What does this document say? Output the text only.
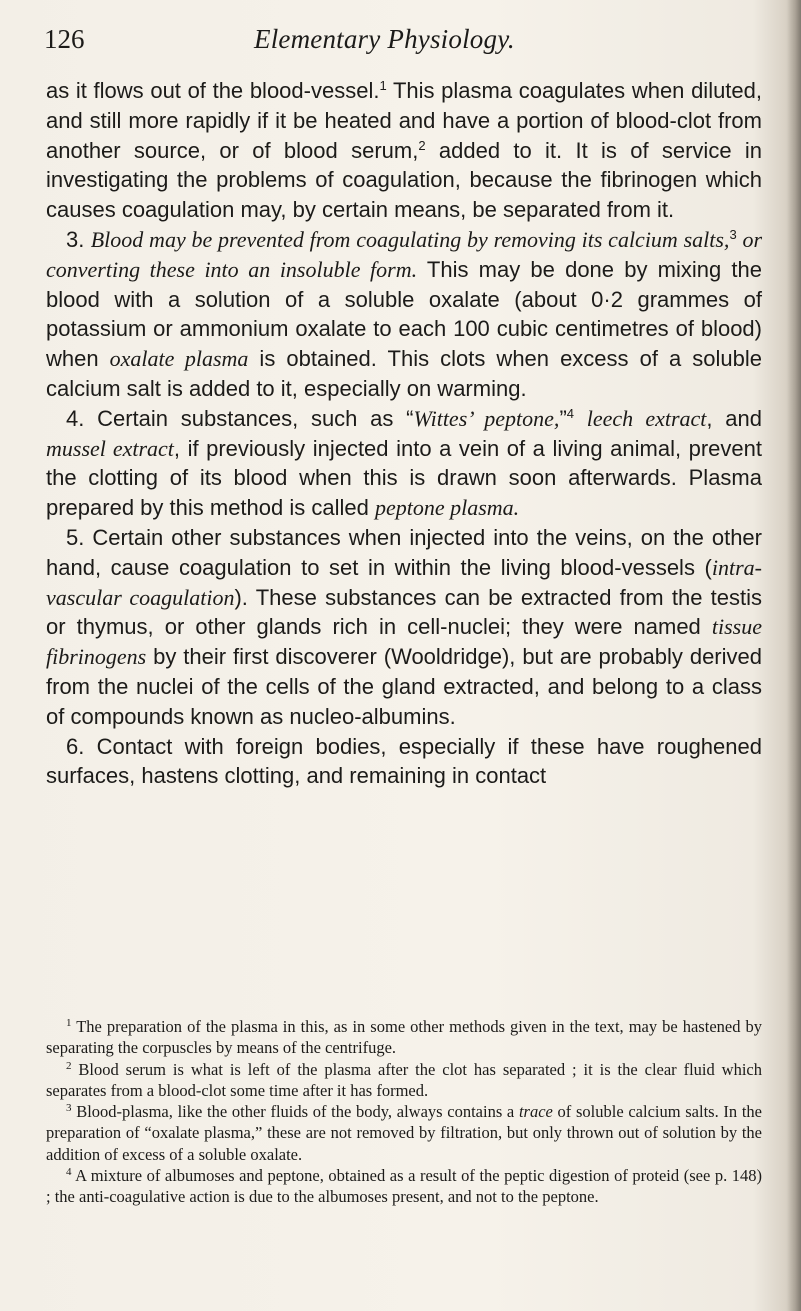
126	Elementary Physiology.

as it flows out of the blood-vessel.$^1$ This plasma coagulates when diluted, and still more rapidly if it be heated and have a portion of blood-clot from another source, or of blood serum,$^2$ added to it. It is of service in investigating the problems of coagulation, because the fibrinogen which causes coagulation may, by certain means, be separated from it.

3. Blood may be prevented from coagulating by removing its calcium salts,$^3$ or converting these into an insoluble form. This may be done by mixing the blood with a solution of a soluble oxalate (about 0·2 grammes of potassium or ammonium oxalate to each 100 cubic centimetres of blood) when oxalate plasma is obtained. This clots when excess of a soluble calcium salt is added to it, especially on warming.

4. Certain substances, such as “Wittes’ peptone,”$^4$ leech extract, and mussel extract, if previously injected into a vein of a living animal, prevent the clotting of its blood when this is drawn soon afterwards. Plasma prepared by this method is called peptone plasma.

5. Certain other substances when injected into the veins, on the other hand, cause coagulation to set in within the living blood-vessels (intra-vascular coagulation). These substances can be extracted from the testis or thymus, or other glands rich in cell-nuclei; they were named tissue fibrinogens by their first discoverer (Wooldridge), but are probably derived from the nuclei of the cells of the gland extracted, and belong to a class of compounds known as nucleo-albumins.

6. Contact with foreign bodies, especially if these have roughened surfaces, hastens clotting, and remaining in contact

$^1$ The preparation of the plasma in this, as in some other methods given in the text, may be hastened by separating the corpuscles by means of the centrifuge.

$^2$ Blood serum is what is left of the plasma after the clot has separated ; it is the clear fluid which separates from a blood-clot some time after it has formed.

$^3$ Blood-plasma, like the other fluids of the body, always contains a trace of soluble calcium salts. In the preparation of “oxalate plasma,” these are not removed by filtration, but only thrown out of solution by the addition of excess of a soluble oxalate.

$^4$ A mixture of albumoses and peptone, obtained as a result of the peptic digestion of proteid (see p. 148) ; the anti-coagulative action is due to the albumoses present, and not to the peptone.
